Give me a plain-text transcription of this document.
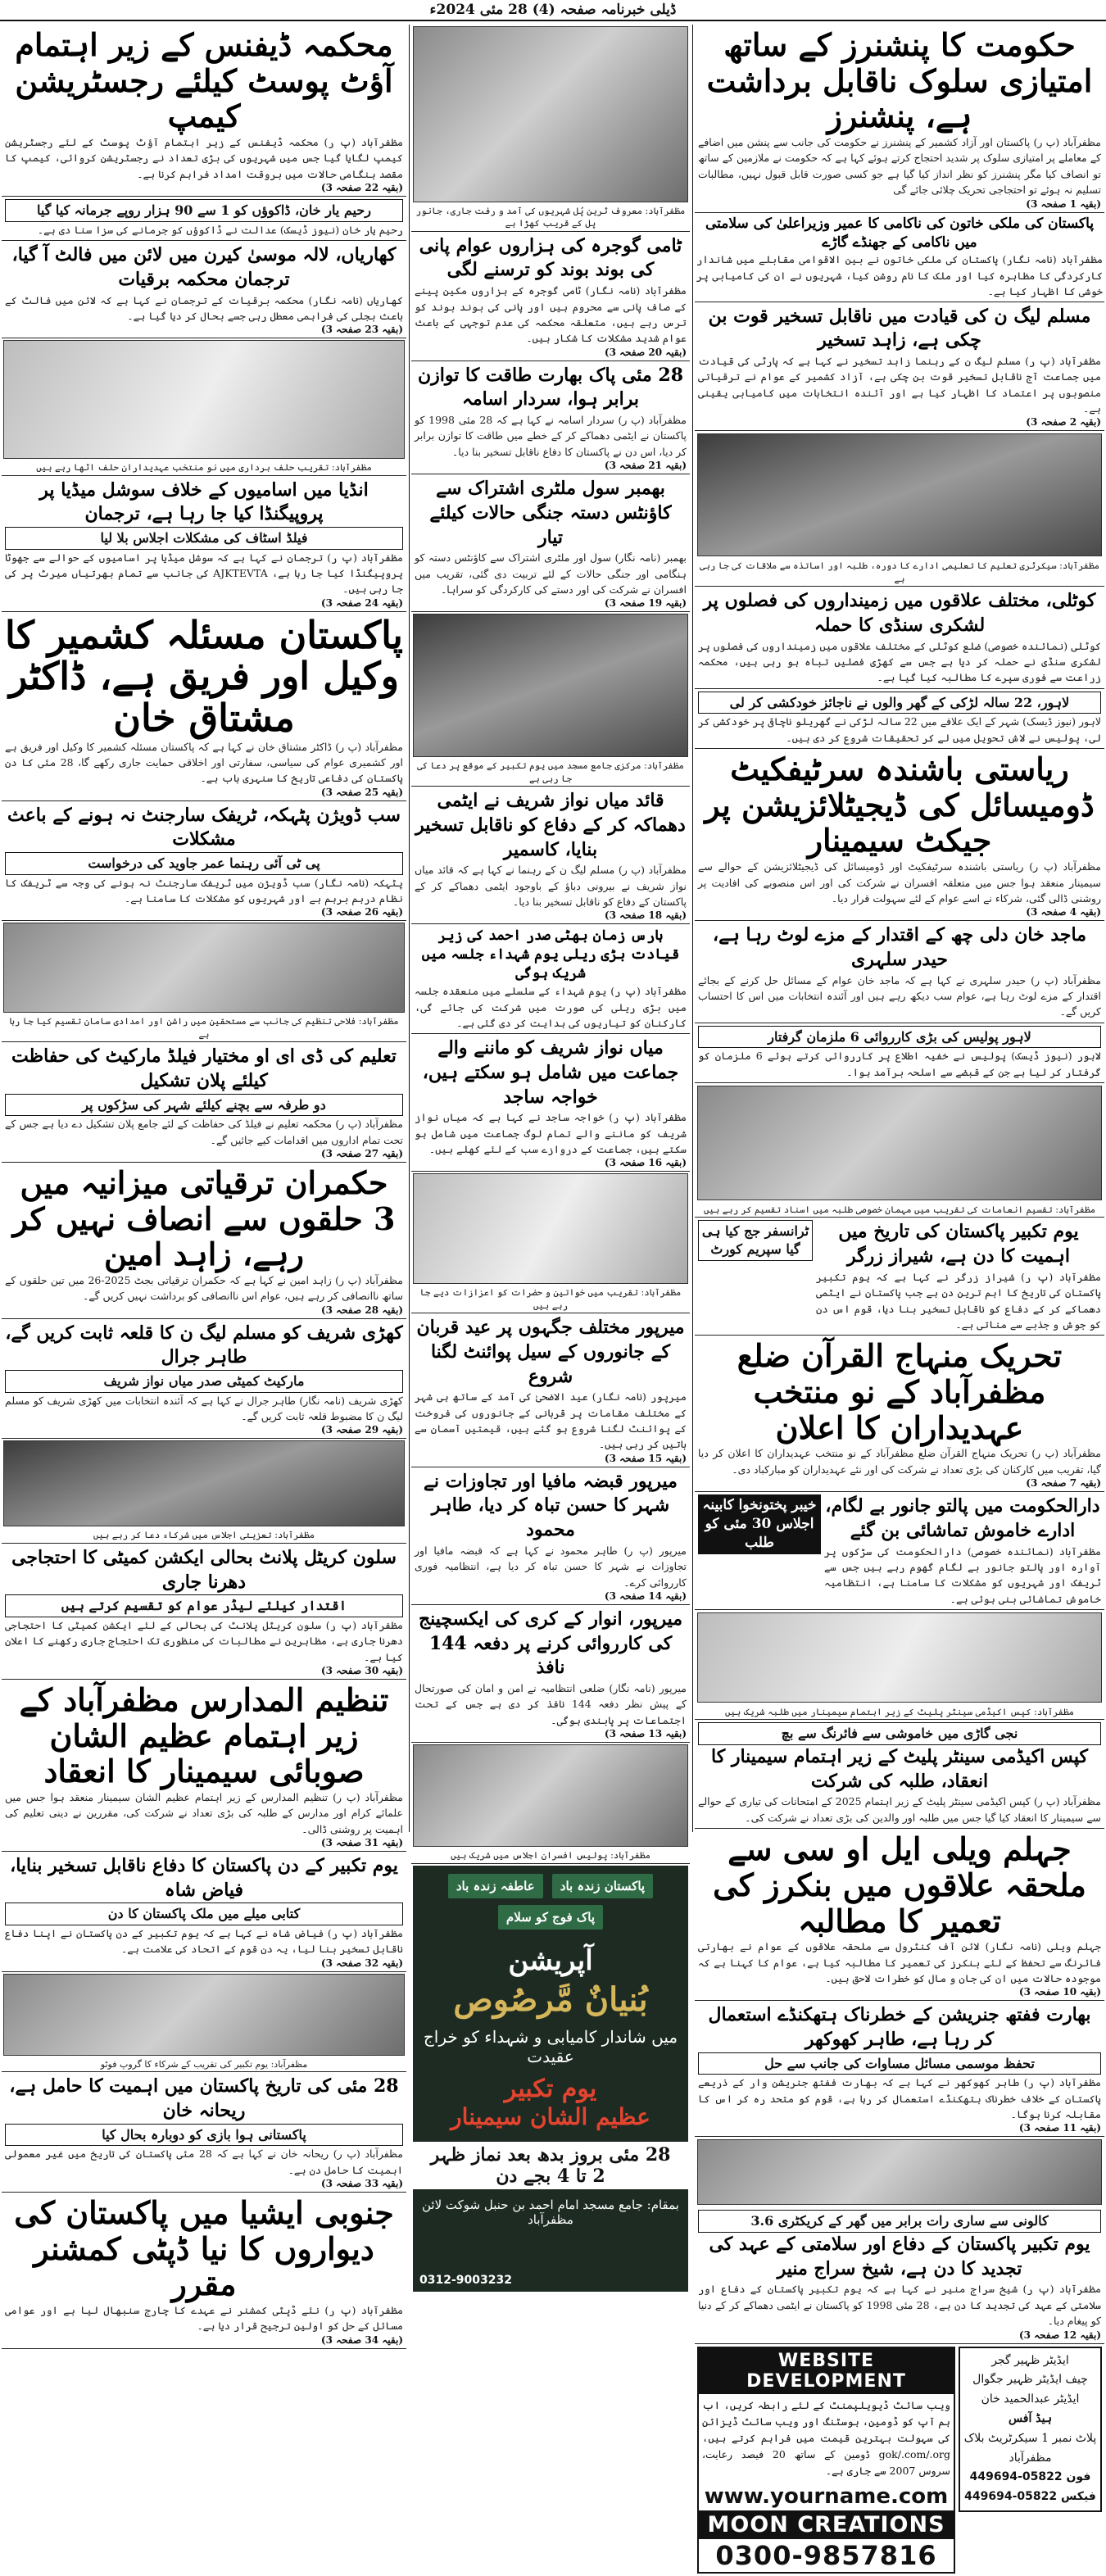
ڈیلی خبرنامہ صفحہ (4) 28 مئی 2024ء
حکومت کا پنشنرز کے ساتھ امتیازی سلوک ناقابل برداشت ہے، پنشنرز
مظفرآباد (پ ر) پاکستان اور آزاد کشمیر کے پنشنرز نے حکومت کی جانب سے پنشن میں اضافے کے معاملے پر امتیازی سلوک پر شدید احتجاج کرتے ہوئے کہا ہے کہ حکومت نے ملازمین کے ساتھ تو انصاف کیا مگر پنشنرز کو نظر انداز کیا گیا ہے جو کسی صورت قابل قبول نہیں، مطالبات تسلیم نہ ہوئے تو احتجاجی تحریک چلائی جائے گی
(بقیہ 1 صفحہ 3)
پاکستان کی ملکی خاتون کی ناکامی کا عمیر وزیراعلیٰ کی سلامتی میں ناکامی کے جھنڈے گاڑے
مظفرآباد (نامہ نگار) پاکستان کی ملکی خاتون نے بین الاقوامی مقابلے میں شاندار کارکردگی کا مظاہرہ کیا اور ملک کا نام روشن کیا، شہریوں نے ان کی کامیابی پر خوشی کا اظہار کیا ہے۔
مسلم لیگ ن کی قیادت میں ناقابل تسخیر قوت بن چکی ہے، زاہد تسخیر
مظفرآباد (پ ر) مسلم لیگ ن کے رہنما زاہد تسخیر نے کہا ہے کہ پارٹی کی قیادت میں جماعت آج ناقابل تسخیر قوت بن چکی ہے، آزاد کشمیر کے عوام نے ترقیاتی منصوبوں پر اعتماد کا اظہار کیا ہے اور آئندہ انتخابات میں کامیابی یقینی ہے۔
(بقیہ 2 صفحہ 3)
مظفرآباد: سیکرٹری تعلیم کا تعلیمی ادارے کا دورہ، طلبہ اور اساتذہ سے ملاقات کی جا رہی ہے
کوٹلی، مختلف علاقوں میں زمینداروں کی فصلوں پر لشکری سنڈی کا حملہ
کوٹلی (نمائندہ خصوصی) ضلع کوٹلی کے مختلف علاقوں میں زمینداروں کی فصلوں پر لشکری سنڈی نے حملہ کر دیا ہے جس سے کھڑی فصلیں تباہ ہو رہی ہیں، محکمہ زراعت سے فوری سپرے کا مطالبہ کیا گیا ہے۔
لاہور، 22 سالہ لڑکی کے گھر والوں نے ناجائز خودکشی کر لی
لاہور (نیوز ڈیسک) شہر کے ایک علاقے میں 22 سالہ لڑکی نے گھریلو ناچاقی پر خودکشی کر لی، پولیس نے لاش تحویل میں لے کر تحقیقات شروع کر دی ہیں۔
ریاستی باشندہ سرٹیفکیٹ ڈومیسائل کی ڈیجیٹلائزیشن پر جیکٹ سیمینار
مظفرآباد (پ ر) ریاستی باشندہ سرٹیفکیٹ اور ڈومیسائل کی ڈیجیٹلائزیشن کے حوالے سے سیمینار منعقد ہوا جس میں متعلقہ افسران نے شرکت کی اور اس منصوبے کی افادیت پر روشنی ڈالی گئی، شرکاء نے اسے عوام کے لئے سہولت قرار دیا۔
(بقیہ 4 صفحہ 3)
ماجد خان دلی چھ کے اقتدار کے مزے لوٹ رہا ہے، حیدر سلہری
مظفرآباد (پ ر) حیدر سلہری نے کہا ہے کہ ماجد خان عوام کے مسائل حل کرنے کے بجائے اقتدار کے مزے لوٹ رہا ہے، عوام سب دیکھ رہے ہیں اور آئندہ انتخابات میں اس کا احتساب کریں گے۔
لاہور پولیس کی بڑی کارروائی 6 ملزمان گرفتار
لاہور (نیوز ڈیسک) پولیس نے خفیہ اطلاع پر کارروائی کرتے ہوئے 6 ملزمان کو گرفتار کر لیا ہے جن کے قبضے سے اسلحہ برآمد ہوا۔
مظفرآباد: تقسیم انعامات کی تقریب میں مہمان خصوصی طلبہ میں اسناد تقسیم کر رہے ہیں
یوم تکبیر پاکستان کی تاریخ میں اہمیت کا دن ہے، شیراز زرگر
مظفرآباد (پ ر) شیراز زرگر نے کہا ہے کہ یوم تکبیر پاکستان کی تاریخ کا اہم ترین دن ہے جب پاکستان نے ایٹمی دھماکے کر کے دفاع کو ناقابل تسخیر بنا دیا، قوم اس دن کو جوش و جذبے سے مناتی ہے۔
ٹرانسفر جج کیا ہی گیا سپریم کورٹ
تحریک منہاج القرآن ضلع مظفرآباد کے نو منتخب عہدیداران کا اعلان
مظفرآباد (پ ر) تحریک منہاج القرآن ضلع مظفرآباد کے نو منتخب عہدیداران کا اعلان کر دیا گیا، تقریب میں کارکنان کی بڑی تعداد نے شرکت کی اور نئے عہدیداران کو مبارکباد دی۔
(بقیہ 7 صفحہ 3)
دارالحکومت میں پالتو جانور بے لگام، ادارے خاموش تماشائی بن گئے
مظفرآباد (نمائندہ خصوصی) دارالحکومت کی سڑکوں پر آوارہ اور پالتو جانور بے لگام گھوم رہے ہیں جس سے ٹریفک اور شہریوں کو مشکلات کا سامنا ہے، انتظامیہ خاموش تماشائی بنی ہوئی ہے۔
خیبر پختونخوا کابینہ اجلاس 30 مئی کو طلب
مظفرآباد: کپس اکیڈمی سینٹر پلیٹ کے زیر اہتمام سیمینار میں طلبہ شریک ہیں
نجی گاڑی میں خاموشی سے فائرنگ سے بچ
کپس اکیڈمی سینٹر پلیٹ کے زیر اہتمام سیمینار کا انعقاد، طلبہ کی شرکت
مظفرآباد (پ ر) کپس اکیڈمی سینٹر پلیٹ کے زیر اہتمام 2025 کے امتحانات کی تیاری کے حوالے سے سیمینار کا انعقاد کیا گیا جس میں طلبہ اور والدین کی بڑی تعداد نے شرکت کی۔
جہلم ویلی ایل او سی سے ملحقہ علاقوں میں بنکرز کی تعمیر کا مطالبہ
جہلم ویلی (نامہ نگار) لائن آف کنٹرول سے ملحقہ علاقوں کے عوام نے بھارتی فائرنگ سے تحفظ کے لئے بنکرز کی تعمیر کا مطالبہ کیا ہے، عوام کا کہنا ہے کہ موجودہ حالات میں ان کی جان و مال کو خطرات لاحق ہیں۔
(بقیہ 10 صفحہ 3)
بھارت ففتھ جنریشن کے خطرناک ہتھکنڈے استعمال کر رہا ہے، طاہر کھوکھر
تحفظ موسمی مسائل مساوات کی جانب سے حل
مظفرآباد (پ ر) طاہر کھوکھر نے کہا ہے کہ بھارت ففتھ جنریشن وار کے ذریعے پاکستان کے خلاف خطرناک ہتھکنڈے استعمال کر رہا ہے، قوم کو متحد رہ کر اس کا مقابلہ کرنا ہوگا۔
(بقیہ 11 صفحہ 3)
کالونی سے ساری رات برابر میں گھر کے کریکٹری 3.6
یوم تکبیر پاکستان کے دفاع اور سلامتی کے عہد کی تجدید کا دن ہے، شیخ سراج منیر
مظفرآباد (پ ر) شیخ سراج منیر نے کہا ہے کہ یوم تکبیر پاکستان کے دفاع اور سلامتی کے عہد کی تجدید کا دن ہے، 28 مئی 1998 کو پاکستان نے ایٹمی دھماکے کر کے دنیا کو پیغام دیا۔
(بقیہ 12 صفحہ 3)
ایڈیٹر ظہیر گجر
چیف ایڈیٹر ظہیر جگوال
ایڈیٹر عبدالحمید خان
ہیڈ آفس
پلاٹ نمبر 1 سیکرٹریٹ بلاک مظفرآباد
فون 05822-449694
فیکس 05822-449694
WEBSITE DEVELOPMENT
ویب سائٹ ڈیویلپمنٹ کے لئے رابطہ کریں، اب ہم آپ کو ڈومین، ہوسٹنگ اور ویب سائٹ ڈیزائن کی سہولت بہترین قیمت میں فراہم کرتے ہیں، gok/.com/.org ڈومین کے ساتھ 20 فیصد رعایت، سروس 2007 سے جاری ہے۔
www.yourname.com
MOON CREATIONS
0300-9857816
مظفرآباد: معروف ٹرین پُل شہریوں کی آمد و رفت جاری، جانور پل کے قریب کھڑا ہے
ٹامی گوجرہ کی ہزاروں عوام پانی کی بوند بوند کو ترسنے لگی
مظفرآباد (نامہ نگار) ٹامی گوجرہ کے ہزاروں مکین پینے کے صاف پانی سے محروم ہیں اور پانی کی بوند بوند کو ترس رہے ہیں، متعلقہ محکمہ کی عدم توجہی کے باعث عوام شدید مشکلات کا شکار ہیں۔
(بقیہ 20 صفحہ 3)
28 مئی پاک بھارت طاقت کا توازن برابر ہوا، سردار اسامہ
مظفرآباد (پ ر) سردار اسامہ نے کہا ہے کہ 28 مئی 1998 کو پاکستان نے ایٹمی دھماکے کر کے خطے میں طاقت کا توازن برابر کر دیا، اس دن نے پاکستان کا دفاع ناقابل تسخیر بنا دیا۔
(بقیہ 21 صفحہ 3)
بھمبر سول ملٹری اشتراک سے کاؤنٹس دستہ جنگی حالات کیلئے تیار
بھمبر (نامہ نگار) سول اور ملٹری اشتراک سے کاؤنٹس دستہ کو ہنگامی اور جنگی حالات کے لئے تربیت دی گئی، تقریب میں افسران نے شرکت کی اور دستے کی کارکردگی کو سراہا۔
(بقیہ 19 صفحہ 3)
مظفرآباد: مرکزی جامع مسجد میں یوم تکبیر کے موقع پر دعا کی جا رہی ہے
قائد میاں نواز شریف نے ایٹمی دھماکہ کر کے دفاع کو ناقابل تسخیر بنایا، کاسمیر
مظفرآباد (پ ر) مسلم لیگ ن کے رہنما نے کہا ہے کہ قائد میاں نواز شریف نے بیرونی دباؤ کے باوجود ایٹمی دھماکے کر کے پاکستان کے دفاع کو ناقابل تسخیر بنا دیا۔
(بقیہ 18 صفحہ 3)
ہارس زمان بھٹی صدر احمد کی زیر قیادت بڑی ریلی یوم شہداء جلسہ میں شریک ہوگی
مظفرآباد (پ ر) یوم شہداء کے سلسلے میں منعقدہ جلسہ میں بڑی ریلی کی صورت میں شرکت کی جائے گی، کارکنان کو تیاریوں کی ہدایت کر دی گئی ہے۔
میاں نواز شریف کو ماننے والے جماعت میں شامل ہو سکتے ہیں، خواجہ ساجد
مظفرآباد (پ ر) خواجہ ساجد نے کہا ہے کہ میاں نواز شریف کو ماننے والے تمام لوگ جماعت میں شامل ہو سکتے ہیں، جماعت کے دروازے سب کے لئے کھلے ہیں۔
(بقیہ 16 صفحہ 3)
مظفرآباد: تقریب میں خواتین و حضرات کو اعزازات دیے جا رہے ہیں
میرپور مختلف جگہوں پر عید قربان کے جانوروں کے سیل پوائنٹ لگنا شروع
میرپور (نامہ نگار) عید الاضحیٰ کی آمد کے ساتھ ہی شہر کے مختلف مقامات پر قربانی کے جانوروں کی فروخت کے پوائنٹ لگنا شروع ہو گئے ہیں، قیمتیں آسمان سے باتیں کر رہی ہیں۔
(بقیہ 15 صفحہ 3)
میرپور قبضہ مافیا اور تجاوزات نے شہر کا حسن تباہ کر دیا، طاہر محمود
میرپور (پ ر) طاہر محمود نے کہا ہے کہ قبضہ مافیا اور تجاوزات نے شہر کا حسن تباہ کر دیا ہے، انتظامیہ فوری کارروائی کرے۔
(بقیہ 14 صفحہ 3)
میرپور، انوار کے کری کی ایکسچینج کی کارروائی کرنے پر دفعہ 144 نافذ
میرپور (نامہ نگار) ضلعی انتظامیہ نے امن و امان کی صورتحال کے پیش نظر دفعہ 144 نافذ کر دی ہے جس کے تحت اجتماعات پر پابندی ہوگی۔
(بقیہ 13 صفحہ 3)
مظفرآباد: پولیس افسران اجلاس میں شریک ہیں
پاکستان زندہ باد عاطفہ زندہ باد پاک فوج کو سلام
آپریشن
بُنیانٌ مَّرصُوص
میں شاندار کامیابی و شہداء کو خراج عقیدت
یوم تکبیر
عظیم الشان سیمینار
28 مئی بروز بدھ بعد نماز ظہر 2 تا 4 بجے دن
بمقام: جامع مسجد امام احمد بن حنبل شوکت لائن مظفرآباد
0312-9003232
محکمہ ڈیفنس کے زیر اہتمام آؤٹ پوسٹ کیلئے رجسٹریشن کیمپ
مظفرآباد (پ ر) محکمہ ڈیفنس کے زیر اہتمام آؤٹ پوسٹ کے لئے رجسٹریشن کیمپ لگایا گیا جس میں شہریوں کی بڑی تعداد نے رجسٹریشن کروائی، کیمپ کا مقصد ہنگامی حالات میں بروقت امداد فراہم کرنا ہے۔
(بقیہ 22 صفحہ 3)
رحیم یار خان، ڈاکوؤں کو 1 سے 90 ہزار روپے جرمانہ کیا گیا
رحیم یار خان (نیوز ڈیسک) عدالت نے ڈاکوؤں کو جرمانے کی سزا سنا دی ہے۔
کھاریاں، لالہ موسیٰ کیرن میں لائن میں فالٹ آ گیا، ترجمان محکمہ برقیات
کھاریاں (نامہ نگار) محکمہ برقیات کے ترجمان نے کہا ہے کہ لائن میں فالٹ کے باعث بجلی کی فراہمی معطل رہی جسے بحال کر دیا گیا ہے۔
(بقیہ 23 صفحہ 3)
مظفرآباد: تقریب حلف برداری میں نو منتخب عہدیداران حلف اٹھا رہے ہیں
انڈیا میں اسامیوں کے خلاف سوشل میڈیا پر پروپیگنڈا کیا جا رہا ہے، ترجمان
فیلڈ اسٹاف کی مشکلات اجلاس بلا لیا
مظفرآباد (پ ر) ترجمان نے کہا ہے کہ سوشل میڈیا پر اسامیوں کے حوالے سے جھوٹا پروپیگنڈا کیا جا رہا ہے، AJKTEVTA کی جانب سے تمام بھرتیاں میرٹ پر کی جا رہی ہیں۔
(بقیہ 24 صفحہ 3)
پاکستان مسئلہ کشمیر کا وکیل اور فریق ہے، ڈاکٹر مشتاق خان
مظفرآباد (پ ر) ڈاکٹر مشتاق خان نے کہا ہے کہ پاکستان مسئلہ کشمیر کا وکیل اور فریق ہے اور کشمیری عوام کی سیاسی، سفارتی اور اخلاقی حمایت جاری رکھے گا، 28 مئی کا دن پاکستان کی دفاعی تاریخ کا سنہری باب ہے۔
(بقیہ 25 صفحہ 3)
سب ڈویژن پٹہکہ، ٹریفک سارجنٹ نہ ہونے کے باعث مشکلات
پی ٹی آئی رہنما عمر جاوید کی درخواست
پٹہکہ (نامہ نگار) سب ڈویژن میں ٹریفک سارجنٹ نہ ہونے کی وجہ سے ٹریفک کا نظام درہم برہم ہے اور شہریوں کو مشکلات کا سامنا ہے۔
(بقیہ 26 صفحہ 3)
مظفرآباد: فلاحی تنظیم کی جانب سے مستحقین میں راشن اور امدادی سامان تقسیم کیا جا رہا ہے
تعلیم کی ڈی ای او مختیار فیلڈ مارکیٹ کی حفاظت کیلئے پلان تشکیل
دو طرفہ سے بچنے کیلئے شہر کی سڑکوں پر
مظفرآباد (پ ر) محکمہ تعلیم نے فیلڈ کی حفاظت کے لئے جامع پلان تشکیل دے دیا ہے جس کے تحت تمام اداروں میں اقدامات کیے جائیں گے۔
(بقیہ 27 صفحہ 3)
حکمران ترقیاتی میزانیہ میں 3 حلقوں سے انصاف نہیں کر رہے، زاہد امین
مظفرآباد (پ ر) زاہد امین نے کہا ہے کہ حکمران ترقیاتی بجٹ 2025-26 میں تین حلقوں کے ساتھ ناانصافی کر رہے ہیں، عوام اس ناانصافی کو برداشت نہیں کریں گے۔
(بقیہ 28 صفحہ 3)
کھڑی شریف کو مسلم لیگ ن کا قلعہ ثابت کریں گے، طاہر جرال
مارکیٹ کمیٹی صدر میاں نواز شریف
کھڑی شریف (نامہ نگار) طاہر جرال نے کہا ہے کہ آئندہ انتخابات میں کھڑی شریف کو مسلم لیگ ن کا مضبوط قلعہ ثابت کریں گے۔
(بقیہ 29 صفحہ 3)
مظفرآباد: تعزیتی اجلاس میں شرکاء دعا کر رہے ہیں
سلون کریٹل پلانٹ بحالی ایکشن کمیٹی کا احتجاجی دھرنا جاری
اقتدار کیلئے لیڈر عوام کو تقسیم کرتے ہیں
مظفرآباد (پ ر) سلون کریٹل پلانٹ کی بحالی کے لئے ایکشن کمیٹی کا احتجاجی دھرنا جاری ہے، مظاہرین نے مطالبات کی منظوری تک احتجاج جاری رکھنے کا اعلان کیا ہے۔
(بقیہ 30 صفحہ 3)
تنظیم المدارس مظفرآباد کے زیر اہتمام عظیم الشان صوبائی سیمینار کا انعقاد
مظفرآباد (پ ر) تنظیم المدارس کے زیر اہتمام عظیم الشان سیمینار منعقد ہوا جس میں علمائے کرام اور مدارس کے طلبہ کی بڑی تعداد نے شرکت کی، مقررین نے دینی تعلیم کی اہمیت پر روشنی ڈالی۔
(بقیہ 31 صفحہ 3)
یوم تکبیر کے دن پاکستان کا دفاع ناقابل تسخیر بنایا، فیاض شاہ
کتابی میلے میں ملک پاکستان کا دن
مظفرآباد (پ ر) فیاض شاہ نے کہا ہے کہ یوم تکبیر کے دن پاکستان نے اپنا دفاع ناقابل تسخیر بنا لیا، یہ دن قوم کے اتحاد کی علامت ہے۔
(بقیہ 32 صفحہ 3)
مظفرآباد: یوم تکبیر کی تقریب کے شرکاء کا گروپ فوٹو
28 مئی کی تاریخ پاکستان میں اہمیت کا حامل ہے، ریحانہ خان
پاکستانی ہوا بازی کو دوبارہ بحال کیا
مظفرآباد (پ ر) ریحانہ خان نے کہا ہے کہ 28 مئی پاکستان کی تاریخ میں غیر معمولی اہمیت کا حامل دن ہے۔
(بقیہ 33 صفحہ 3)
جنوبی ایشیا میں پاکستان کی دیواروں کا نیا ڈپٹی کمشنر مقرر
مظفرآباد (پ ر) نئے ڈپٹی کمشنر نے عہدے کا چارج سنبھال لیا ہے اور عوامی مسائل کے حل کو اولین ترجیح قرار دیا ہے۔
(بقیہ 34 صفحہ 3)
